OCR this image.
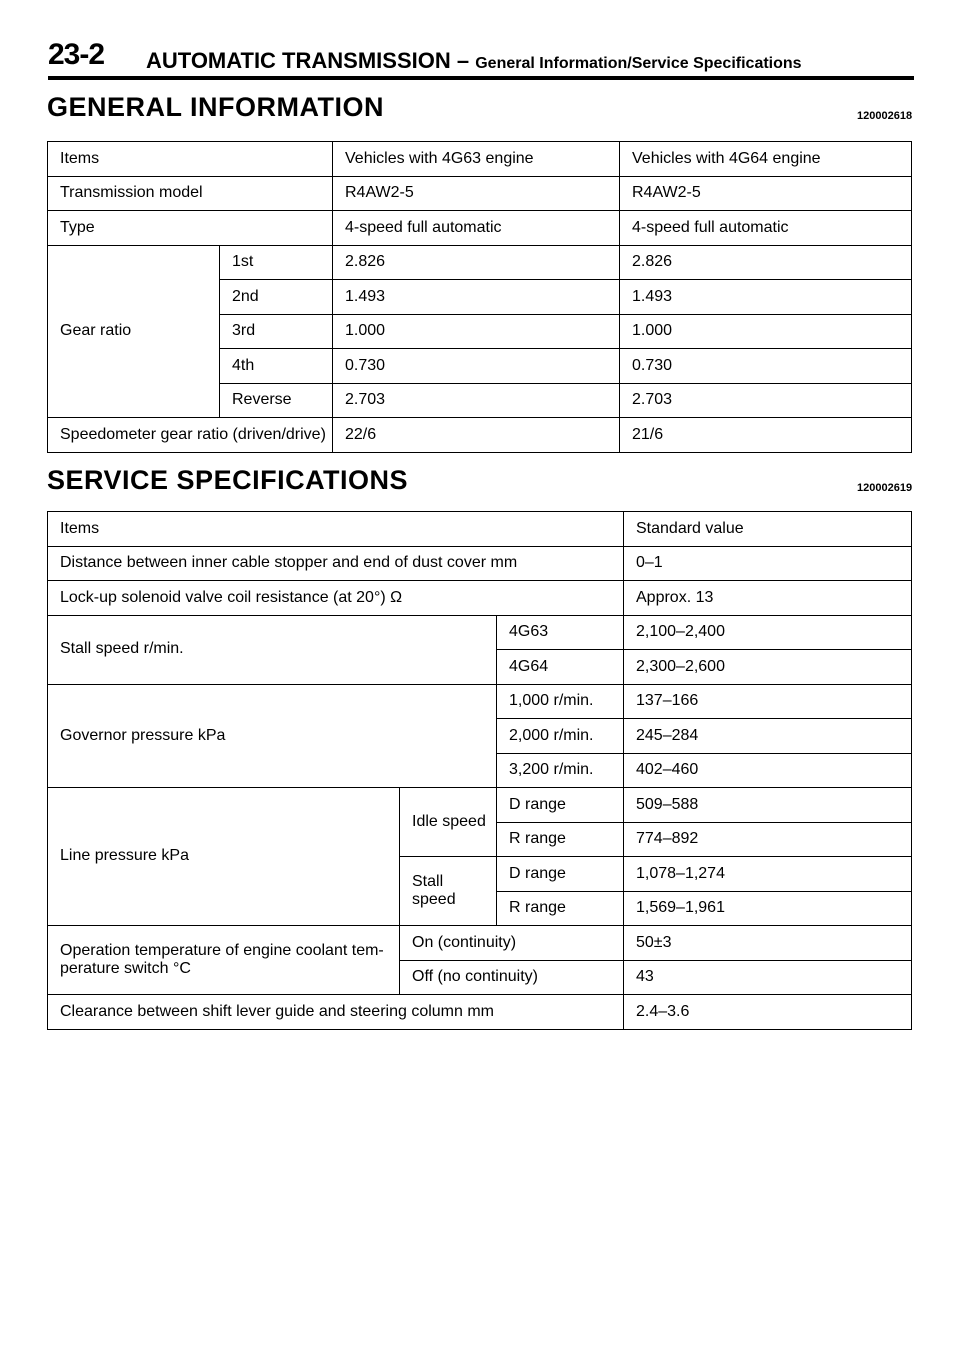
23-2 AUTOMATIC TRANSMISSION – General Information/Service Specifications
GENERAL INFORMATION	120002618
Items		Vehicles with 4G63 engine	Vehicles with 4G64 engine
Transmission model		R4AW2-5	R4AW2-5
Type		4-speed full automatic	4-speed full automatic
Gear ratio	1st	2.826	2.826
	2nd	1.493	1.493
	3rd	1.000	1.000
	4th	0.730	0.730
	Reverse	2.703	2.703
Speedometer gear ratio (driven/drive)		22/6	21/6
SERVICE SPECIFICATIONS	120002619
Items			Standard value
Distance between inner cable stopper and end of dust cover mm			0–1
Lock-up solenoid valve coil resistance (at 20°) Ω			Approx. 13
Stall speed r/min.		4G63	2,100–2,400
		4G64	2,300–2,600
Governor pressure kPa		1,000 r/min.	137–166
		2,000 r/min.	245–284
		3,200 r/min.	402–460
Line pressure kPa	Idle speed	D range	509–588
		R range	774–892
	Stall speed	D range	1,078–1,274
		R range	1,569–1,961
Operation temperature of engine coolant tem-perature switch °C	On (continuity)		50±3
	Off (no continuity)		43
Clearance between shift lever guide and steering column mm			2.4–3.6
